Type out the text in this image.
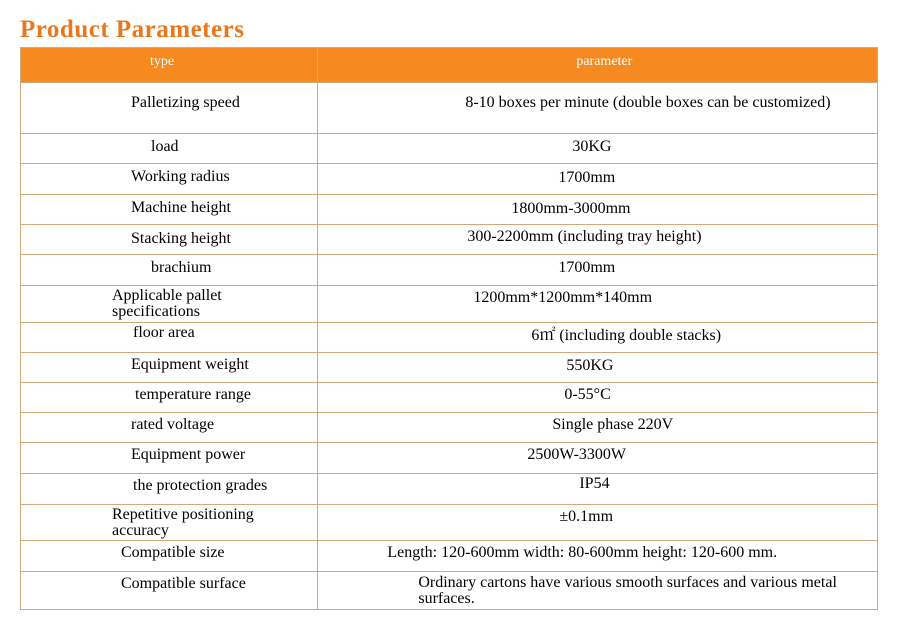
Product Parameters
type	parameter

Palletizing speed	8-10 boxes per minute (double boxes can be customized)

load	30KG

Working radius	1700mm

Machine height	1800mm-3000mm

Stacking height	300-2200mm (including tray height)

brachium	1700mm

Applicable pallet specifications	1200mm*1200mm*140mm

floor area	6㎡ (including double stacks)

Equipment weight	550KG

temperature range	0-55°C

rated voltage	Single phase 220V

Equipment power	2500W-3300W

the protection grades	IP54

Repetitive positioning accuracy	±0.1mm

Compatible size	Length: 120-600mm width: 80-600mm height: 120-600 mm.

Compatible surface	Ordinary cartons have various smooth surfaces and various metal surfaces.
